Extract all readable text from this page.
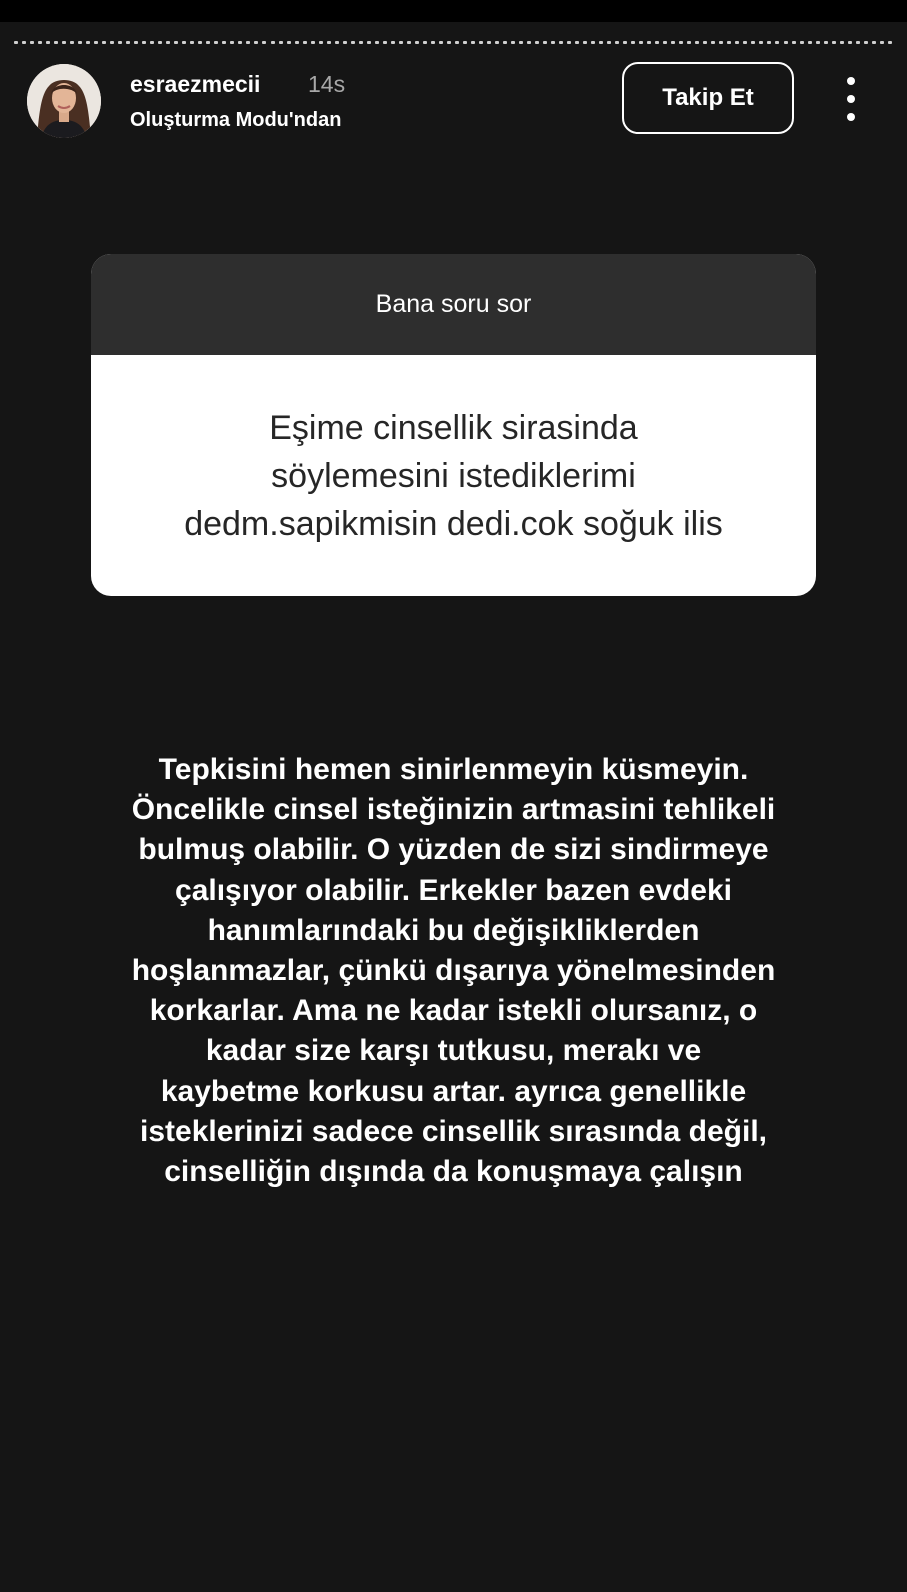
esraezmecii 14s
Oluşturma Modu'ndan
Takip Et
Bana soru sor
Eşime cinsellik sirasinda
söylemesini istediklerimi
dedm.sapikmisin dedi.cok soğuk ilis
Tepkisini hemen sinirlenmeyin küsmeyin.
Öncelikle cinsel isteğinizin artmasini tehlikeli
bulmuş olabilir. O yüzden de sizi sindirmeye
çalışıyor olabilir. Erkekler bazen evdeki
hanımlarındaki bu değişikliklerden
hoşlanmazlar, çünkü dışarıya yönelmesinden
korkarlar. Ama ne kadar istekli olursanız, o
kadar size karşı tutkusu, merakı ve
kaybetme korkusu artar. ayrıca genellikle
isteklerinizi sadece cinsellik sırasında değil,
cinselliğin dışında da konuşmaya çalışın
